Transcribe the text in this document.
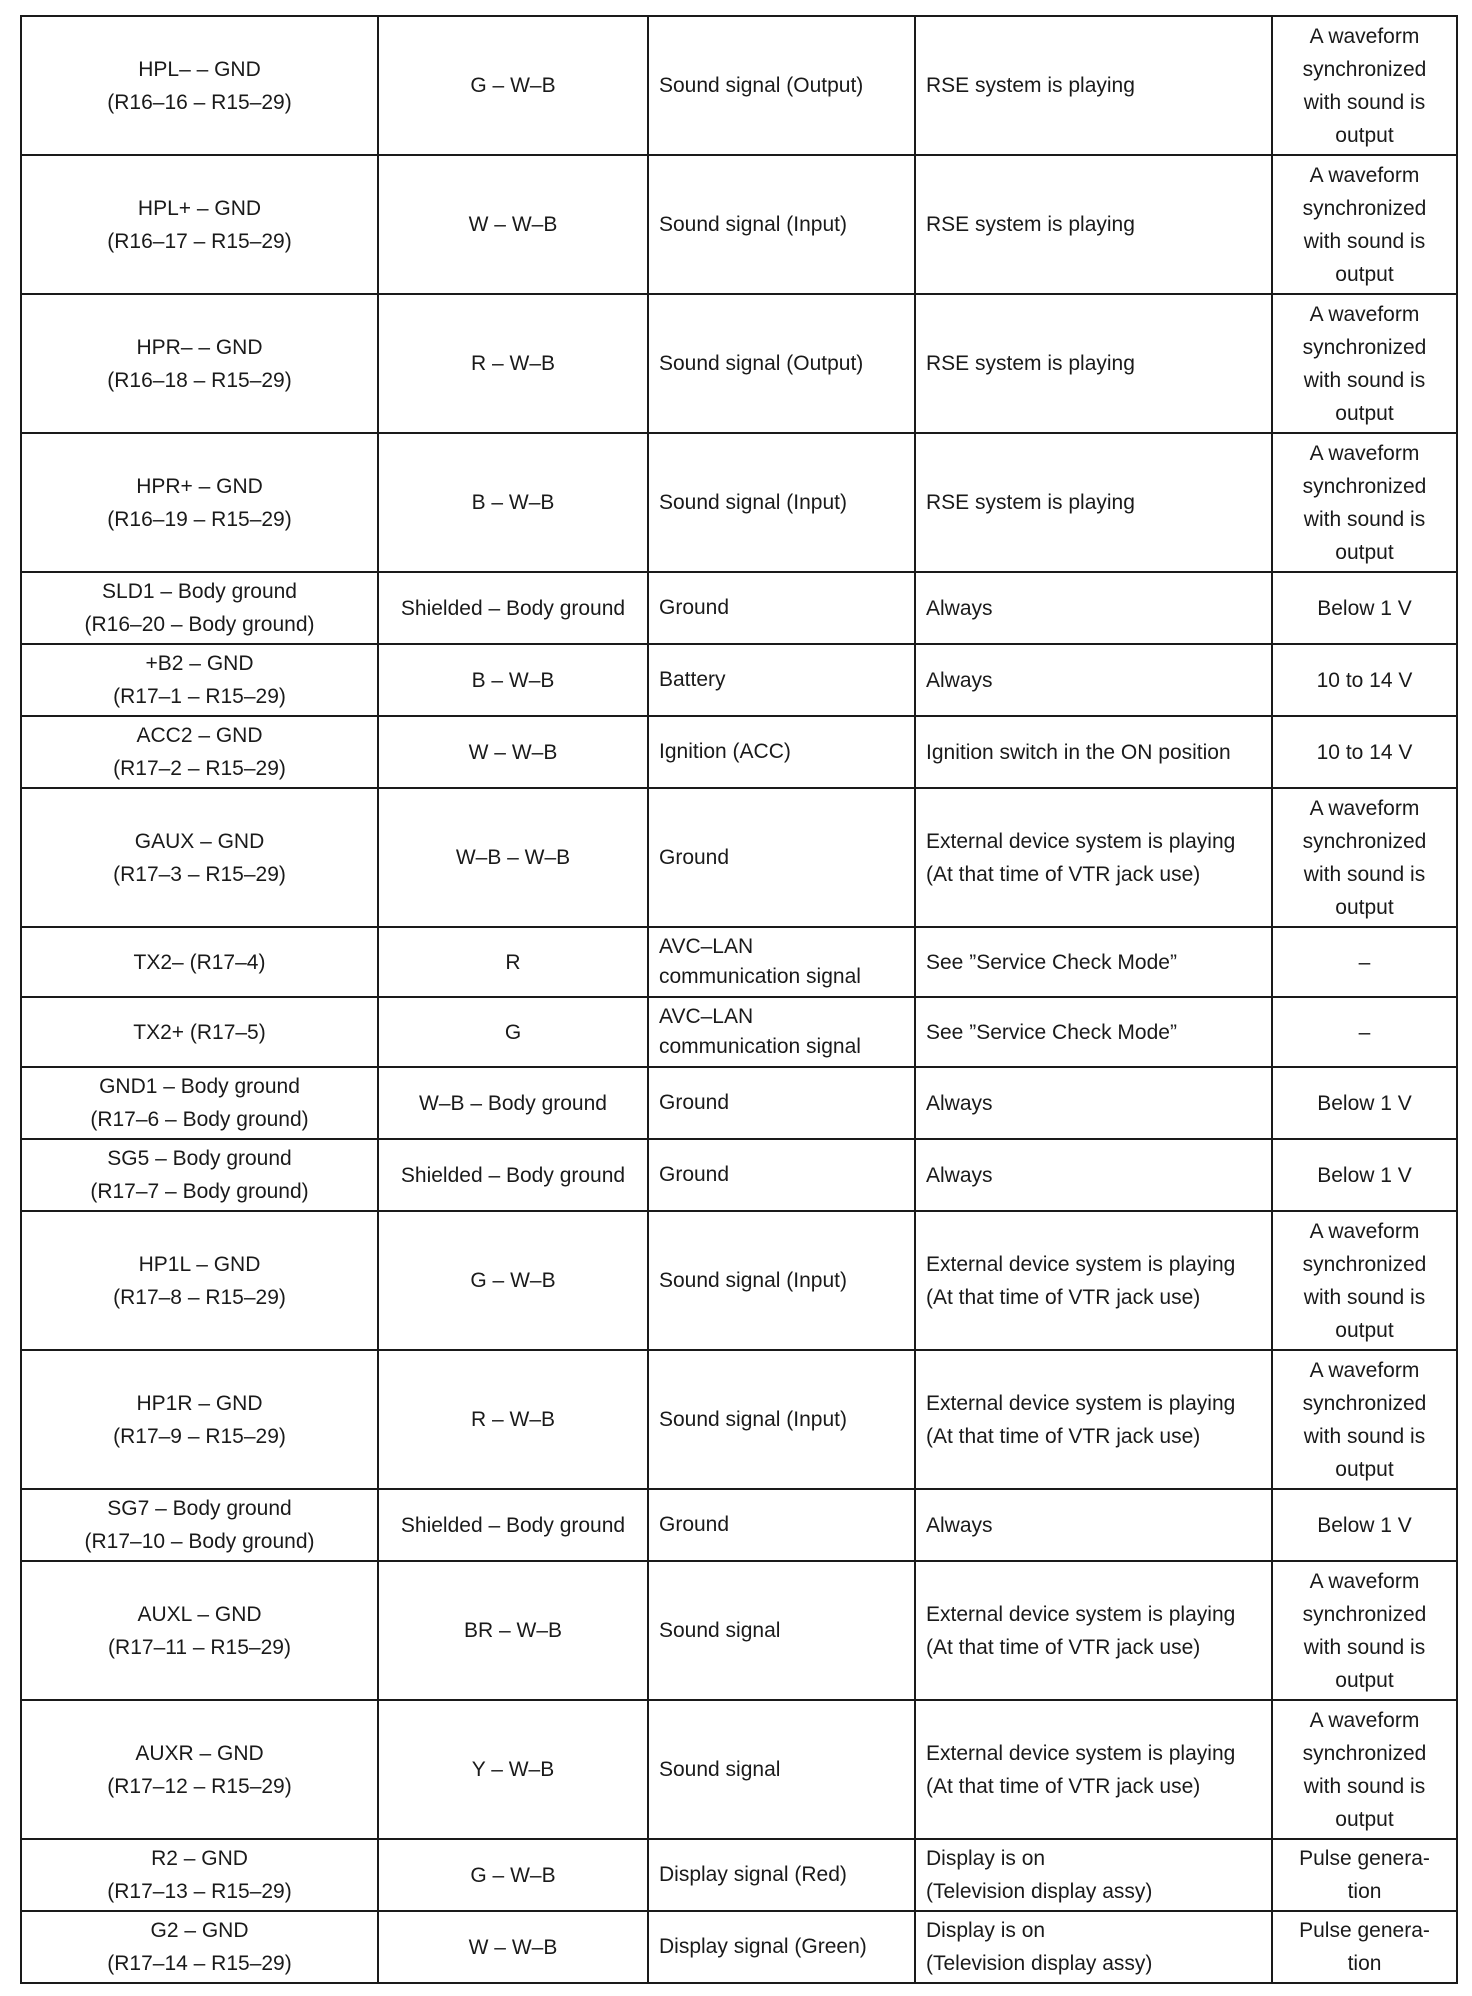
HPL– – GND
(R16–16 – R15–29)	G – W–B	Sound signal (Output)	RSE system is playing	A waveform
synchronized
with sound is
output
HPL+ – GND
(R16–17 – R15–29)	W – W–B	Sound signal (Input)	RSE system is playing	A waveform
synchronized
with sound is
output
HPR– – GND
(R16–18 – R15–29)	R – W–B	Sound signal (Output)	RSE system is playing	A waveform
synchronized
with sound is
output
HPR+ – GND
(R16–19 – R15–29)	B – W–B	Sound signal (Input)	RSE system is playing	A waveform
synchronized
with sound is
output
SLD1 – Body ground
(R16–20 – Body ground)	Shielded – Body ground	Ground	Always	Below 1 V
+B2 – GND
(R17–1 – R15–29)	B – W–B	Battery	Always	10 to 14 V
ACC2 – GND
(R17–2 – R15–29)	W – W–B	Ignition (ACC)	Ignition switch in the ON position	10 to 14 V
GAUX – GND
(R17–3 – R15–29)	W–B – W–B	Ground	External device system is playing
(At that time of VTR jack use)	A waveform
synchronized
with sound is
output
TX2– (R17–4)	R	AVC–LAN
communication signal	See ”Service Check Mode”	–
TX2+ (R17–5)	G	AVC–LAN
communication signal	See ”Service Check Mode”	–
GND1 – Body ground
(R17–6 – Body ground)	W–B – Body ground	Ground	Always	Below 1 V
SG5 – Body ground
(R17–7 – Body ground)	Shielded – Body ground	Ground	Always	Below 1 V
HP1L – GND
(R17–8 – R15–29)	G – W–B	Sound signal (Input)	External device system is playing
(At that time of VTR jack use)	A waveform
synchronized
with sound is
output
HP1R – GND
(R17–9 – R15–29)	R – W–B	Sound signal (Input)	External device system is playing
(At that time of VTR jack use)	A waveform
synchronized
with sound is
output
SG7 – Body ground
(R17–10 – Body ground)	Shielded – Body ground	Ground	Always	Below 1 V
AUXL – GND
(R17–11 – R15–29)	BR – W–B	Sound signal	External device system is playing
(At that time of VTR jack use)	A waveform
synchronized
with sound is
output
AUXR – GND
(R17–12 – R15–29)	Y – W–B	Sound signal	External device system is playing
(At that time of VTR jack use)	A waveform
synchronized
with sound is
output
R2 – GND
(R17–13 – R15–29)	G – W–B	Display signal (Red)	Display is on
(Television display assy)	Pulse genera-
tion
G2 – GND
(R17–14 – R15–29)	W – W–B	Display signal (Green)	Display is on
(Television display assy)	Pulse genera-
tion
